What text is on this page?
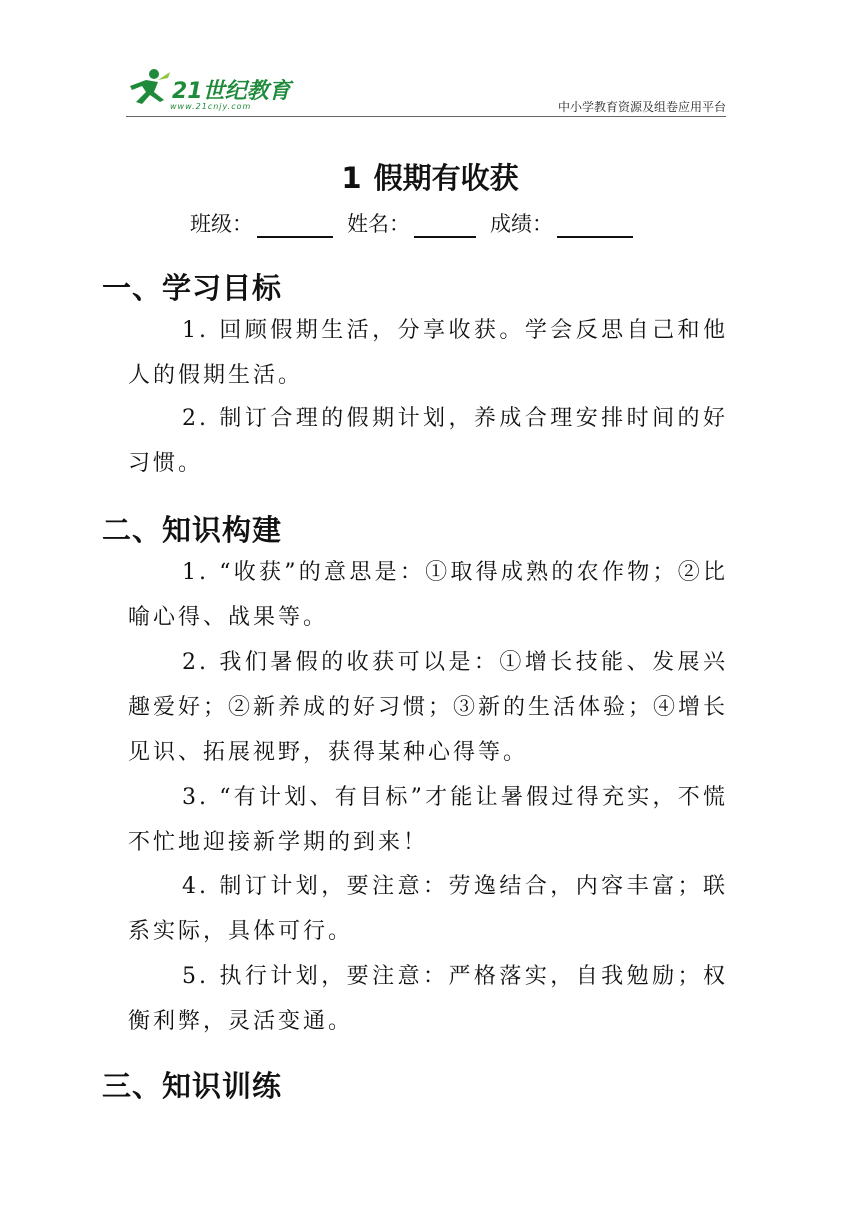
21世纪教育
www.21cnjy.com	中小学教育资源及组卷应用平台
1 假期有收获
班级：	姓名：	成绩：
一、学习目标
1. 回顾假期生活，分享收获。学会反思自己和他人的假期生活。
2. 制订合理的假期计划，养成合理安排时间的好习惯。
二、知识构建
1. “收获”的意思是：①取得成熟的农作物；②比喻心得、战果等。
2. 我们暑假的收获可以是：①增长技能、发展兴趣爱好；②新养成的好习惯；③新的生活体验；④增长见识、拓展视野，获得某种心得等。
3. “有计划、有目标”才能让暑假过得充实，不慌不忙地迎接新学期的到来！
4. 制订计划，要注意：劳逸结合，内容丰富；联系实际，具体可行。
5. 执行计划，要注意：严格落实，自我勉励；权衡利弊，灵活变通。
三、知识训练
